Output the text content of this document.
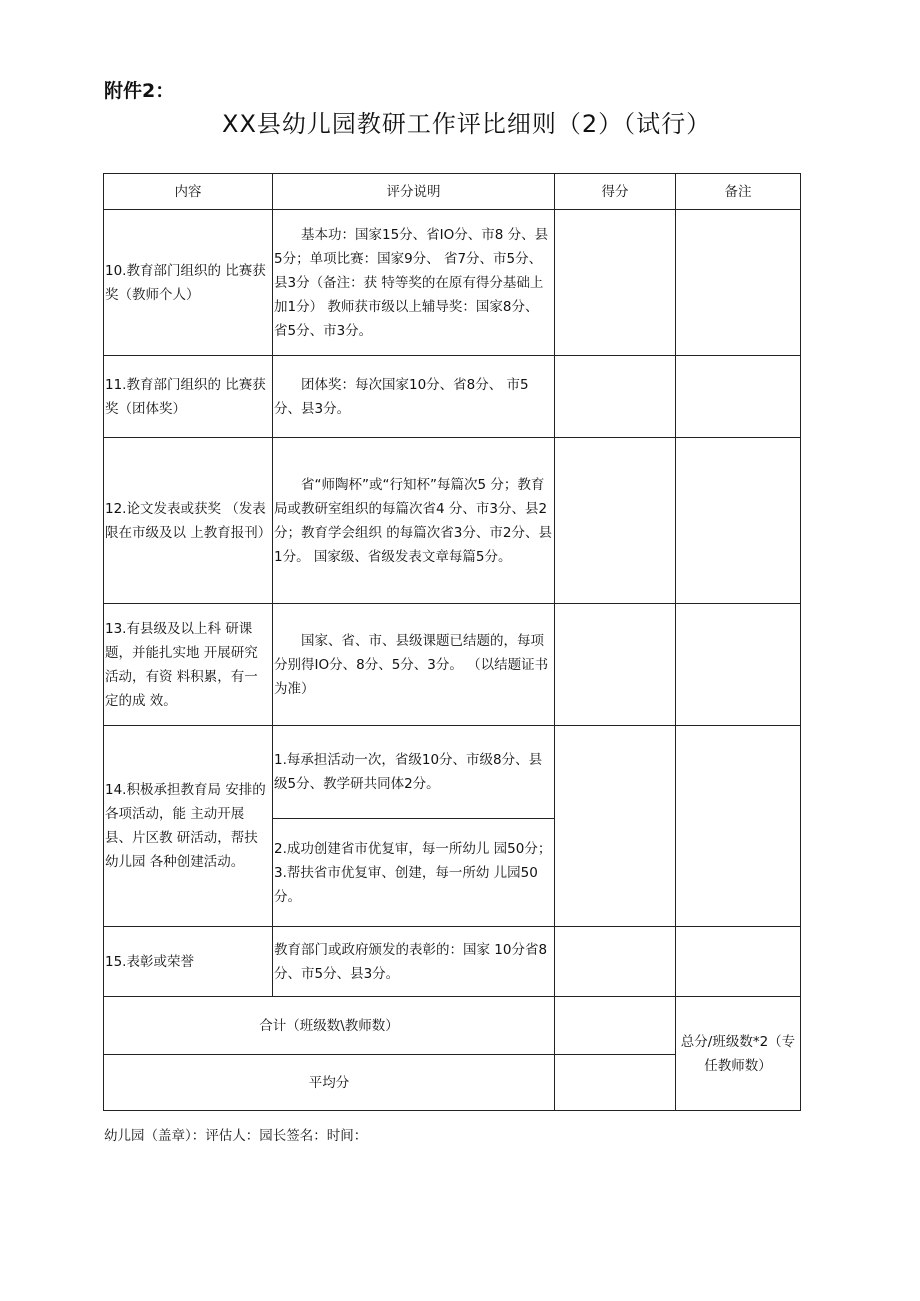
附件2：
XX县幼儿园教研工作评比细则（2）（试行）
内容	评分说明	得分	备注
10.教育部门组织的 比赛获奖（教师个人）	基本功：国家15分、省IO分、市8 分、县5分；单项比赛：国家9分、 省7分、市5分、县3分（备注：获 特等奖的在原有得分基础上加1分） 教师获市级以上辅导奖：国家8分、 省5分、市3分。		
11.教育部门组织的 比赛获奖（团体奖）	团体奖：每次国家10分、省8分、 市5分、县3分。		
12.论文发表或获奖 （发表限在市级及以 上教育报刊）	省“师陶杯”或“行知杯”每篇次5 分；教育局或教研室组织的每篇次省4 分、市3分、县2分；教育学会组织 的每篇次省3分、市2分、县1分。 国家级、省级发表文章每篇5分。		
13.有县级及以上科 研课题，并能扎实地 开展研究活动，有资 料积累，有一定的成 效。	国家、省、市、县级课题已结题的，每项分别得IO分、8分、5分、3分。 （以结题证书为准）		
14.积极承担教育局 安排的各项活动，能 主动开展县、片区教 研活动，帮扶幼儿园 各种创建活动。	1.每承担活动一次，省级10分、市级8分、县级5分、教学研共同体2分。
2.成功创建省市优复审，每一所幼儿 园50分；
3.帮扶省市优复审、创建，每一所幼 儿园50分。		

15.表彰或荣誉	教育部门或政府颁发的表彰的：国家 10分省8分、市5分、县3分。		
合计（班级数\教师数）			总分/班级数*2（专任教师数）
平均分			
幼儿园（盖章）：评估人：园长签名：时间：
